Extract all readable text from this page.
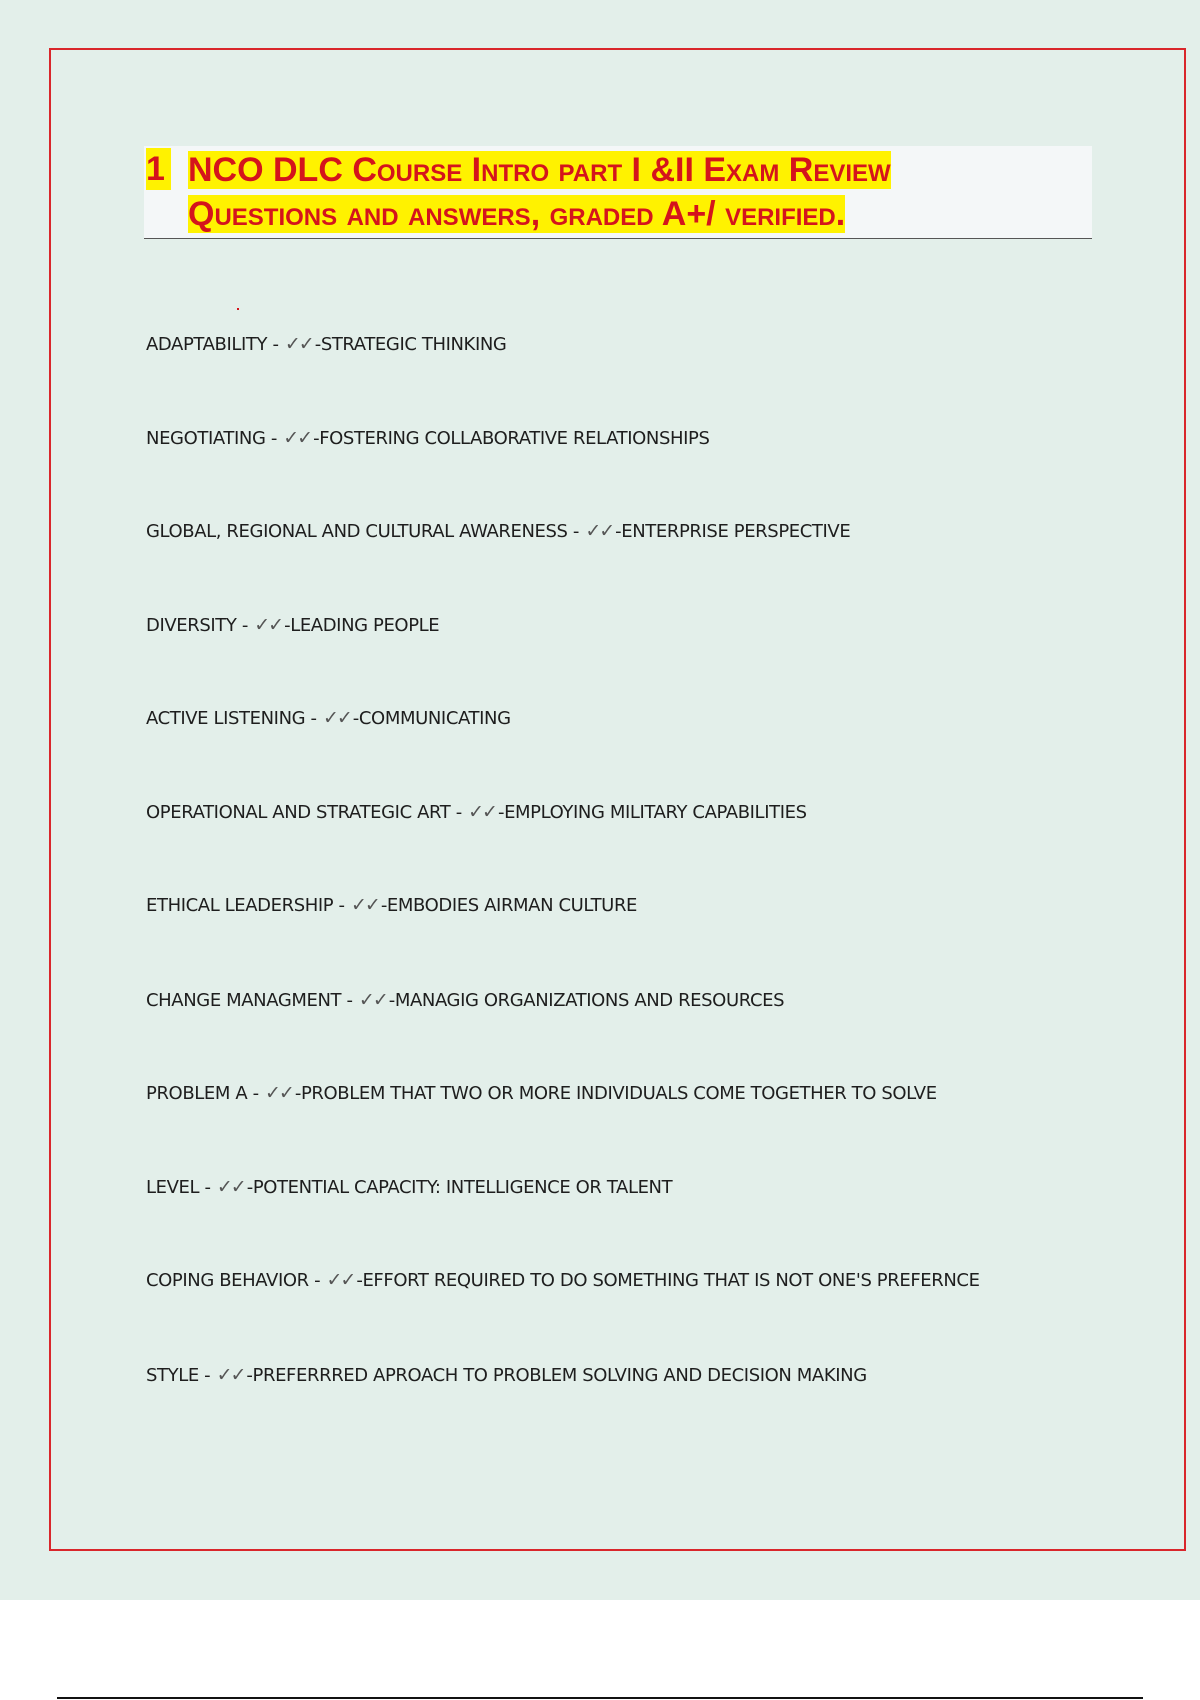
1 NCO DLC Course Intro part I &II Exam Review
Questions and answers, graded A+/ verified.
ADAPTABILITY - ✓✓ -STRATEGIC THINKING
NEGOTIATING - ✓✓ -FOSTERING COLLABORATIVE RELATIONSHIPS
GLOBAL, REGIONAL AND CULTURAL AWARENESS - ✓✓ -ENTERPRISE PERSPECTIVE
DIVERSITY - ✓✓ -LEADING PEOPLE
ACTIVE LISTENING - ✓✓ -COMMUNICATING
OPERATIONAL AND STRATEGIC ART - ✓✓ -EMPLOYING MILITARY CAPABILITIES
ETHICAL LEADERSHIP - ✓✓ -EMBODIES AIRMAN CULTURE
CHANGE MANAGMENT - ✓✓ -MANAGIG ORGANIZATIONS AND RESOURCES
PROBLEM A - ✓✓ -PROBLEM THAT TWO OR MORE INDIVIDUALS COME TOGETHER TO SOLVE
LEVEL - ✓✓ -POTENTIAL CAPACITY: INTELLIGENCE OR TALENT
COPING BEHAVIOR - ✓✓ -EFFORT REQUIRED TO DO SOMETHING THAT IS NOT ONE'S PREFERNCE
STYLE - ✓✓ -PREFERRRED APROACH TO PROBLEM SOLVING AND DECISION MAKING
